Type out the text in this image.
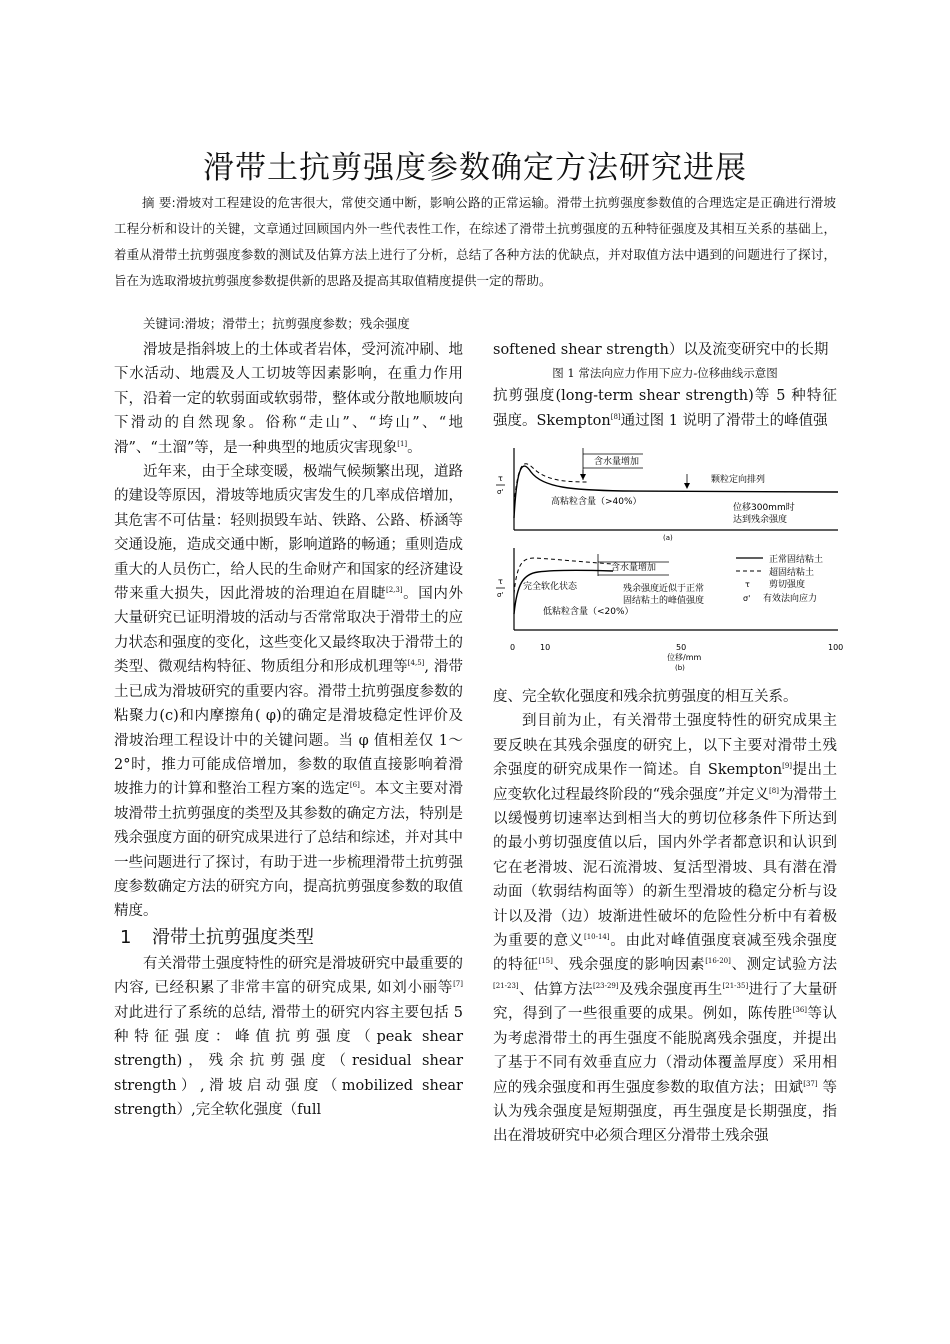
滑带土抗剪强度参数确定方法研究进展

摘 要:滑坡对工程建设的危害很大，常使交通中断，影响公路的正常运输。滑带土抗剪强度参数值的合理选定是正确进行滑坡工程分析和设计的关键，文章通过回顾国内外一些代表性工作，在综述了滑带土抗剪强度的五种特征强度及其相互关系的基础上，着重从滑带土抗剪强度参数的测试及估算方法上进行了分析，总结了各种方法的优缺点，并对取值方法中遇到的问题进行了探讨，旨在为选取滑坡抗剪强度参数提供新的思路及提高其取值精度提供一定的帮助。

关键词:滑坡；滑带土；抗剪强度参数；残余强度

滑坡是指斜坡上的土体或者岩体，受河流冲刷、地下水活动、地震及人工切坡等因素影响，在重力作用下，沿着一定的软弱面或软弱带，整体或分散地顺坡向下滑动的自然现象。俗称“走山”、“垮山”、“地滑”、“土溜”等，是一种典型的地质灾害现象[1]。

近年来，由于全球变暖，极端气候频繁出现，道路的建设等原因，滑坡等地质灾害发生的几率成倍增加，其危害不可估量：轻则损毁车站、铁路、公路、桥涵等交通设施，造成交通中断，影响道路的畅通；重则造成重大的人员伤亡，给人民的生命财产和国家的经济建设带来重大损失，因此滑坡的治理迫在眉睫[2,3]。国内外大量研究已证明滑坡的活动与否常常取决于滑带土的应力状态和强度的变化，这些变化又最终取决于滑带土的类型、微观结构特征、物质组分和形成机理等[4,5], 滑带土已成为滑坡研究的重要内容。滑带土抗剪强度参数的粘聚力(c)和内摩擦角( φ)的确定是滑坡稳定性评价及滑坡治理工程设计中的关键问题。当 φ 值相差仅 1～2°时，推力可能成倍增加，参数的取值直接影响着滑坡推力的计算和整治工程方案的选定[6]。本文主要对滑坡滑带土抗剪强度的类型及其参数的确定方法，特别是残余强度方面的研究成果进行了总结和综述，并对其中一些问题进行了探讨，有助于进一步梳理滑带土抗剪强度参数确定方法的研究方向，提高抗剪强度参数的取值精度。

1 滑带土抗剪强度类型

有关滑带土强度特性的研究是滑坡研究中最重要的内容, 已经积累了非常丰富的研究成果, 如刘小丽等[7] 对此进行了系统的总结, 滑带土的研究内容主要包括 5 种特征强度：峰值抗剪强度（peak shear strength)，残余抗剪强度（residual shear strength）,滑坡启动强度（mobilized shear strength）,完全软化强度（full

softened shear strength）以及流变研究中的长期

图 1 常法向应力作用下应力-位移曲线示意图

抗剪强度(long-term shear strength)等 5 种特征强度。Skempton[8]通过图 1 说明了滑带土的峰值强

τ
σ'
含水量增加
颗粒定向排列
高粘粒含量（>40%）
位移300mm时
达到残余强度
(a)
τ
σ'
含水量增加
完全软化状态	残余强度近似于正常
固结粘土的峰值强度
低粘粒含量（<20%）
正常固结粘土
超固结粘土
τ 剪切强度
σ' 有效法向应力
0	10	50	100
位移/mm
(b)

度、完全软化强度和残余抗剪强度的相互关系。

到目前为止，有关滑带土强度特性的研究成果主要反映在其残余强度的研究上，以下主要对滑带土残余强度的研究成果作一简述。自 Skempton[9]提出土应变软化过程最终阶段的“残余强度”并定义[8]为滑带土以缓慢剪切速率达到相当大的剪切位移条件下所达到的最小剪切强度值以后，国内外学者都意识和认识到它在老滑坡、泥石流滑坡、复活型滑坡、具有潜在滑动面（软弱结构面等）的新生型滑坡的稳定分析与设计以及滑（边）坡渐进性破坏的危险性分析中有着极为重要的意义[10-14]。由此对峰值强度衰减至残余强度的特征[15]、残余强度的影响因素[16-20]、测定试验方法[21-23]、估算方法[23-29]及残余强度再生[21-35]进行了大量研究，得到了一些很重要的成果。例如，陈传胜[36]等认为考虑滑带土的再生强度不能脱离残余强度，并提出了基于不同有效垂直应力（滑动体覆盖厚度）采用相应的残余强度和再生强度参数的取值方法；田斌[37] 等认为残余强度是短期强度，再生强度是长期强度，指出在滑坡研究中必须合理区分滑带土残余强
